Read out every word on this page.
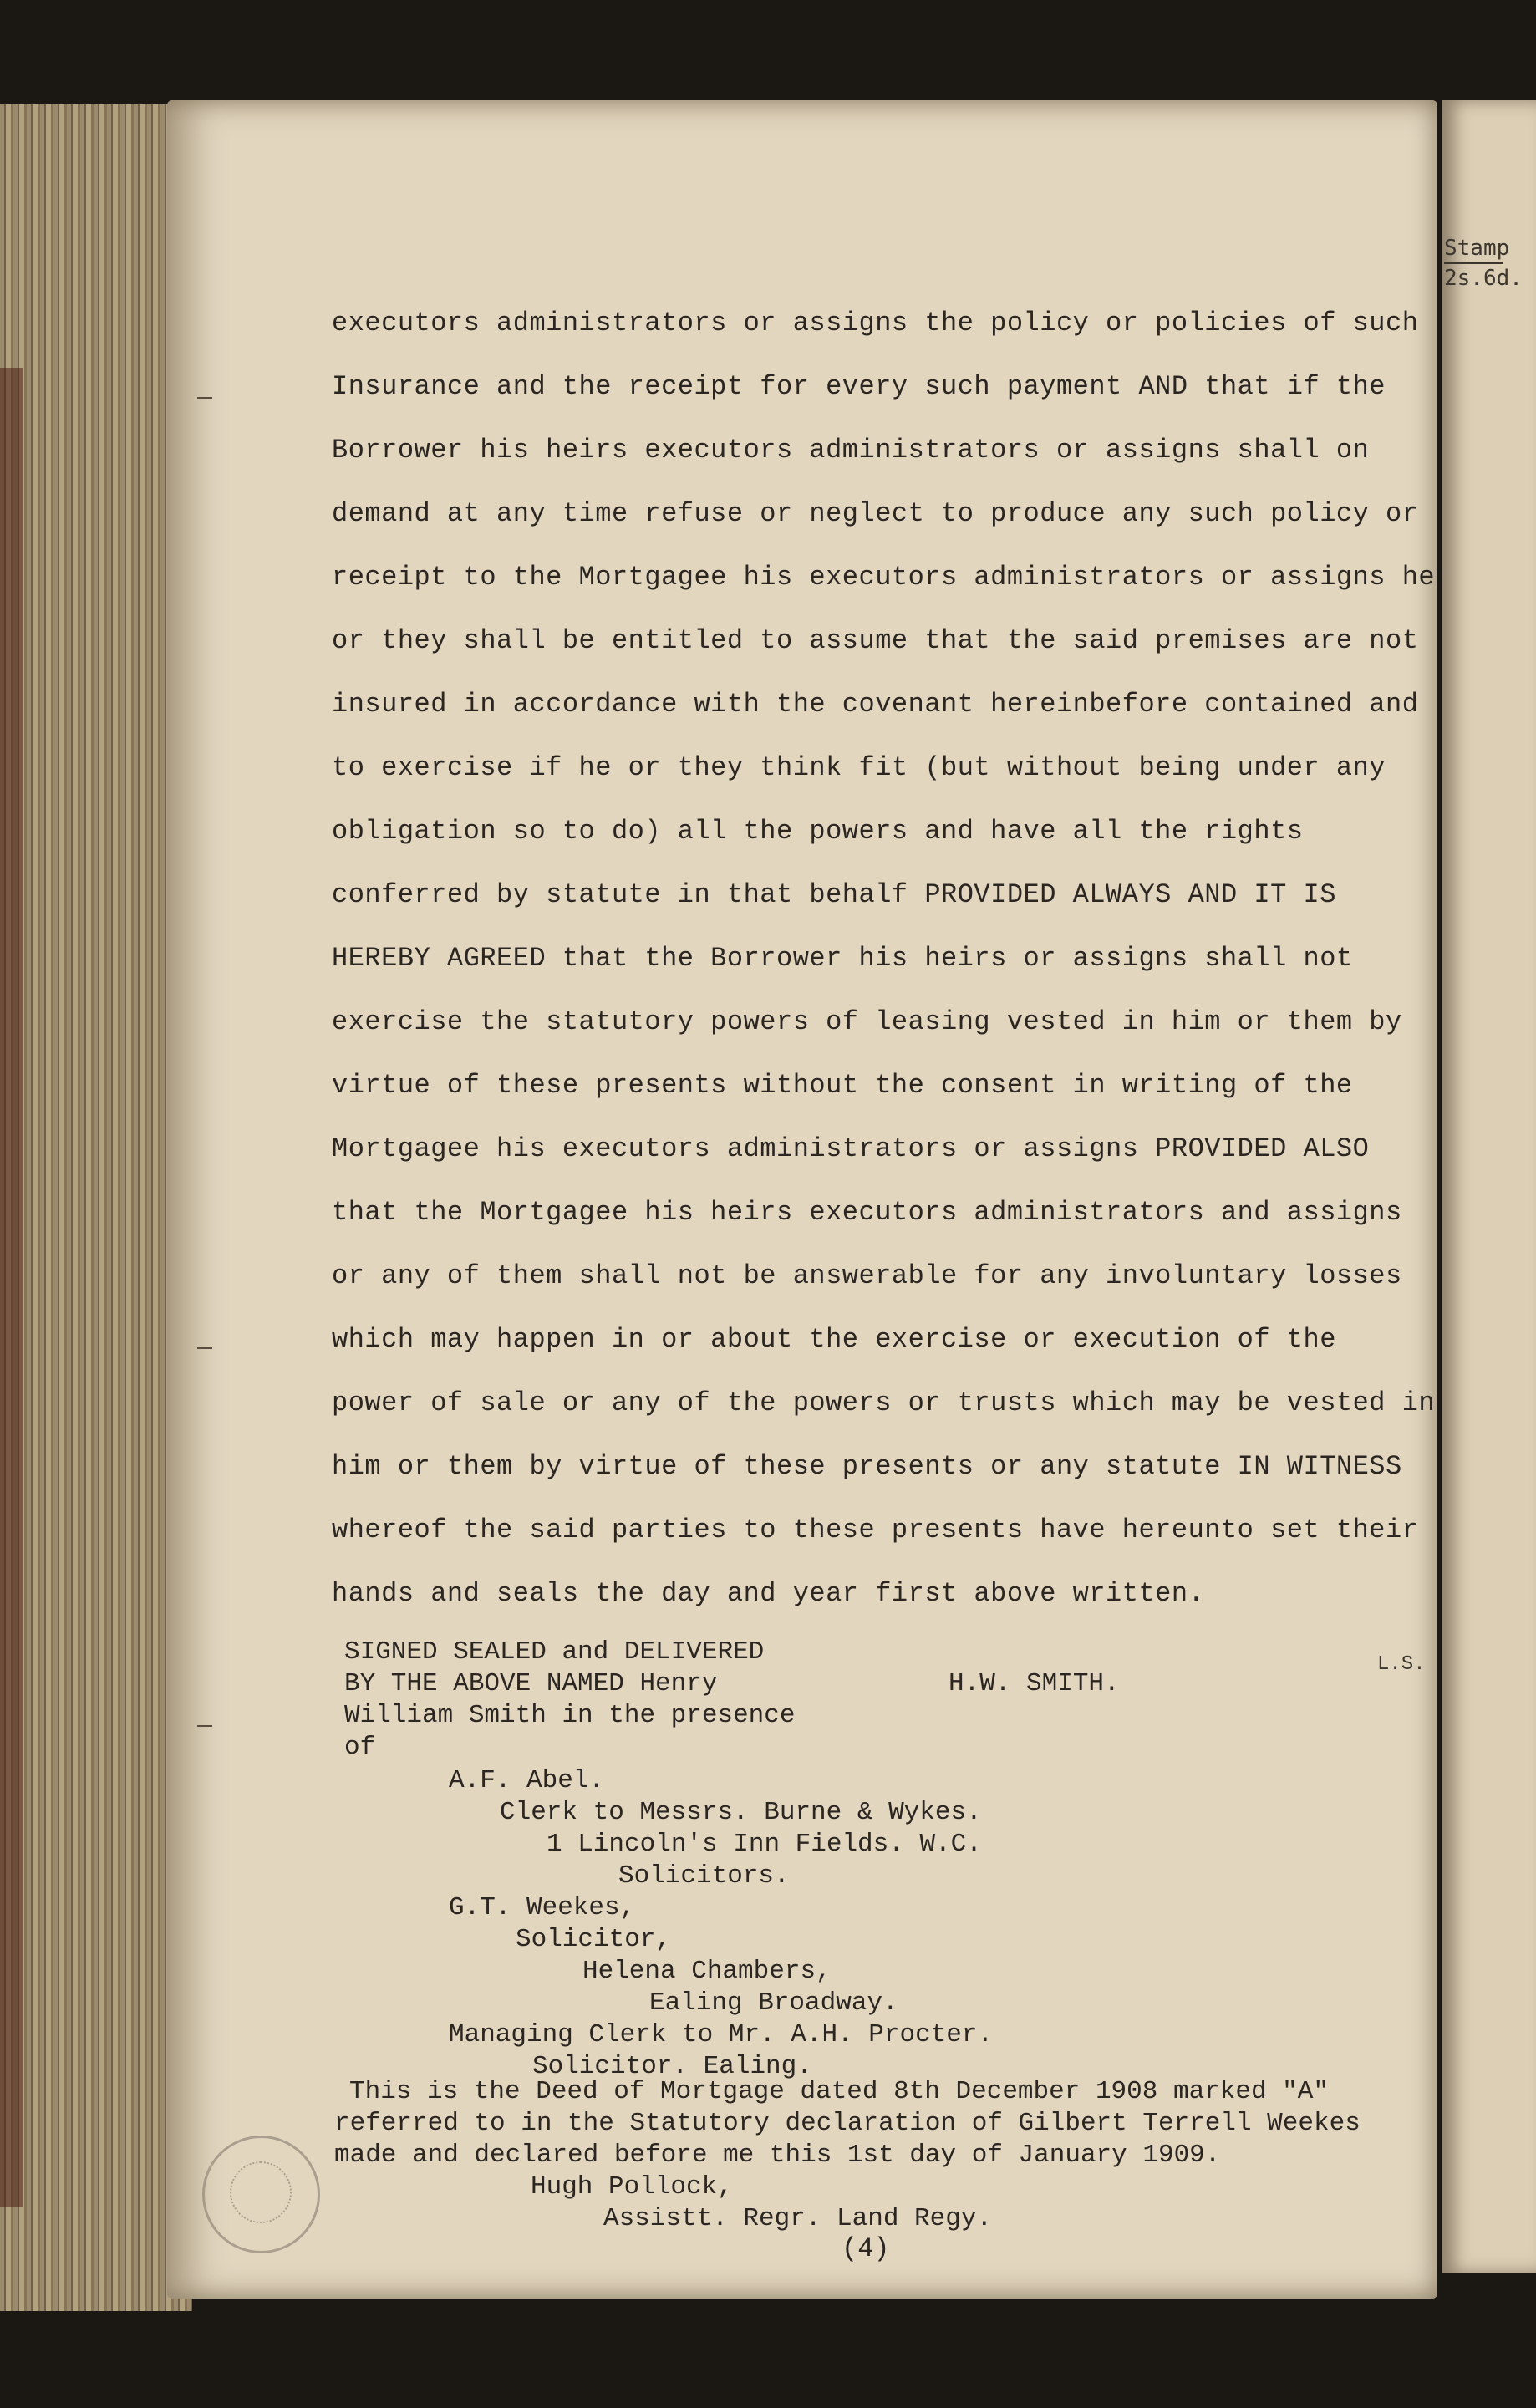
Stamp
2s.6d.
executors administrators or assigns the policy or policies of such
Insurance and the receipt for every such payment AND that if the
Borrower his heirs executors administrators or assigns shall on
demand at any time refuse or neglect to produce any such policy or
receipt to the Mortgagee his executors administrators or assigns he
or they shall be entitled to assume that the said premises are not
insured in accordance with the covenant hereinbefore contained and
to exercise if he or they think fit (but without being under any
obligation so to do) all the powers and have all the rights
conferred by statute in that behalf PROVIDED ALWAYS AND IT IS
HEREBY AGREED that the Borrower his heirs or assigns shall not
exercise the statutory powers of leasing vested in him or them by
virtue of these presents without the consent in writing of the
Mortgagee his executors administrators or assigns PROVIDED ALSO
that the Mortgagee his heirs executors administrators and assigns
or any of them shall not be answerable for any involuntary losses
which may happen in or about the exercise or execution of the
power of sale or any of the powers or trusts which may be vested in
him or them by virtue of these presents or any statute IN WITNESS
whereof the said parties to these presents have hereunto set their
hands and seals the day and year first above written.
SIGNED SEALED and DELIVERED
BY THE ABOVE NAMED Henry
William Smith in the presence
of
H.W. SMITH.
L.S.
A.F. Abel.
Clerk to Messrs. Burne & Wykes.
1 Lincoln's Inn Fields. W.C.
Solicitors.
G.T. Weekes,
Solicitor,
Helena Chambers,
Ealing Broadway.
Managing Clerk to Mr. A.H. Procter.
Solicitor. Ealing.
This is the Deed of Mortgage dated 8th December 1908 marked "A"
referred to in the Statutory declaration of Gilbert Terrell Weekes
made and declared before me this 1st day of January 1909.
Hugh Pollock,
Assistt. Regr. Land Regy.
(4)
